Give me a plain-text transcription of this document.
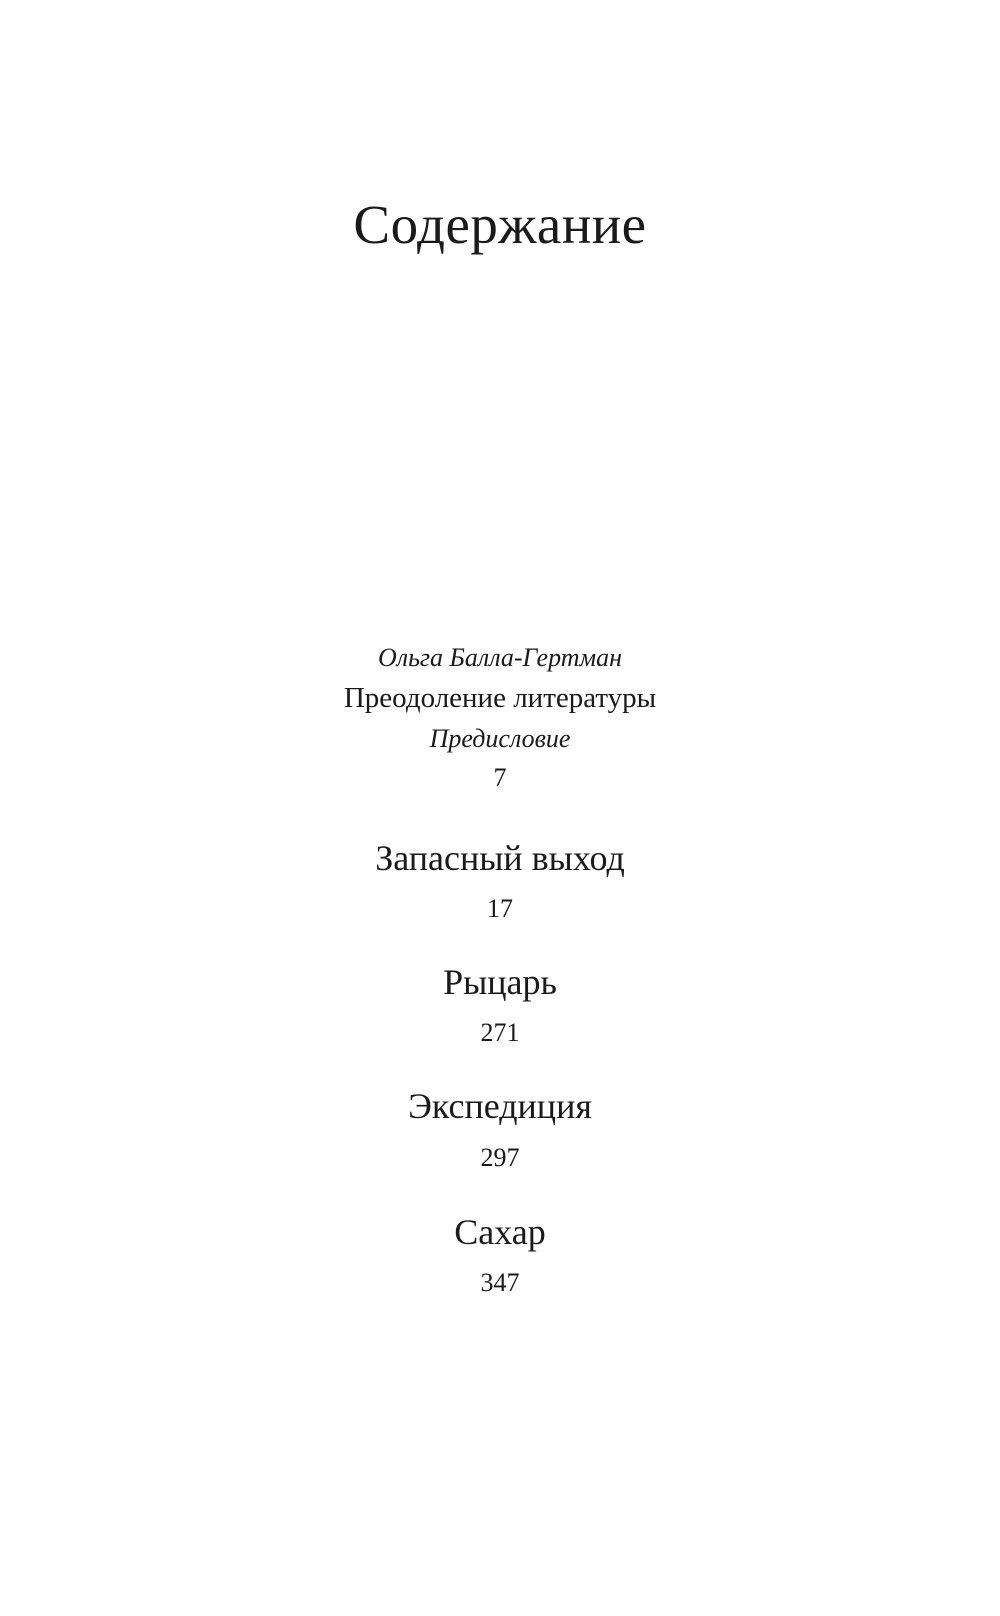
Содержание
Ольга Балла-Гертман
Преодоление литературы
Предисловие
7
Запасный выход
17
Рыцарь
271
Экспедиция
297
Сахар
347
